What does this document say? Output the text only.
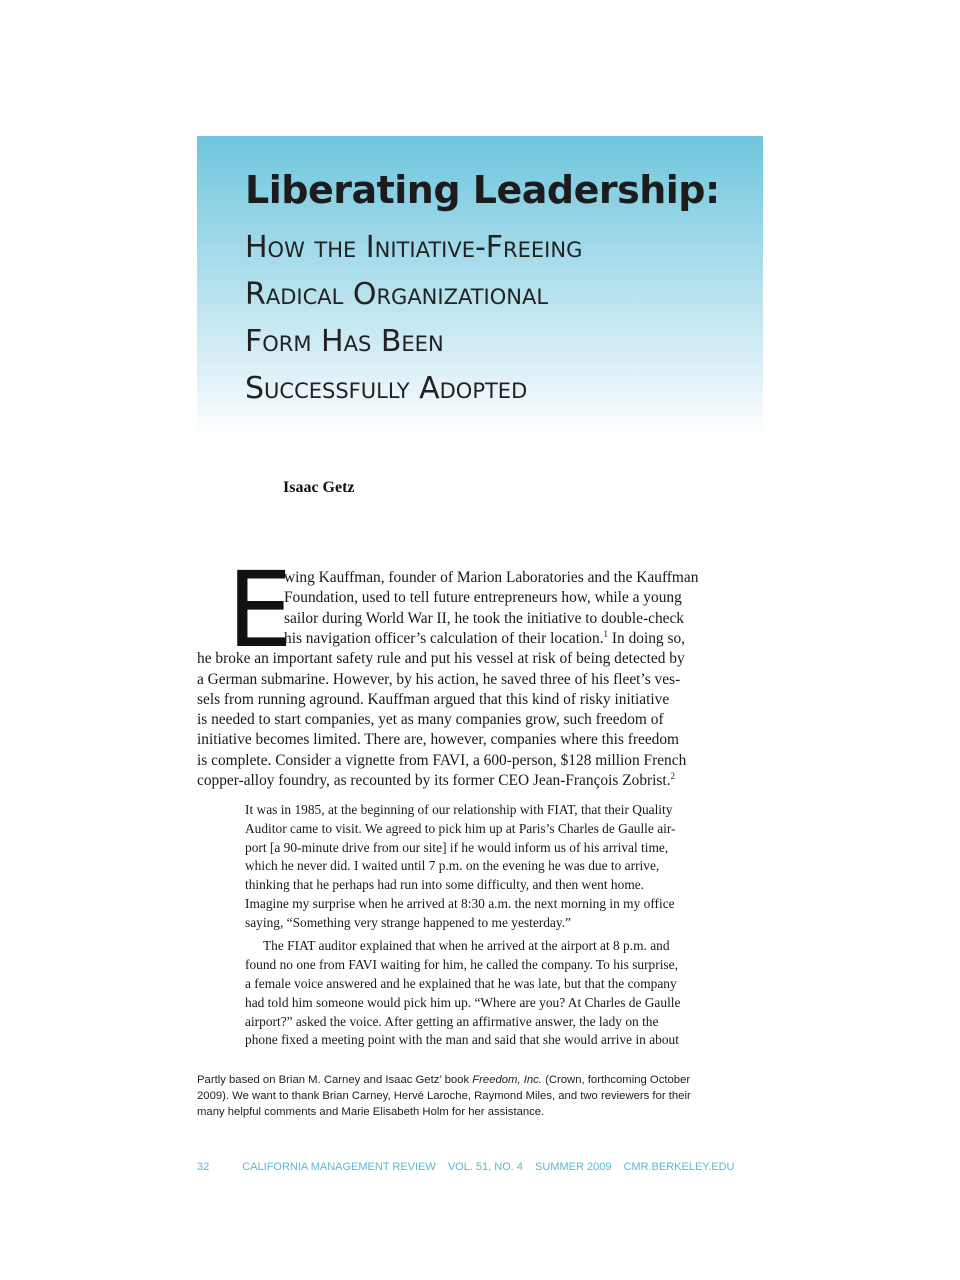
Liberating Leadership:
How the Initiative-Freeing
Radical Organizational
Form Has Been
Successfully Adopted
Isaac Getz
E
wing Kauffman, founder of Marion Laboratories and the Kauffman
Foundation, used to tell future entrepreneurs how, while a young
sailor during World War II, he took the initiative to double-check
his navigation officer’s calculation of their location.$^1$ In doing so,
he broke an important safety rule and put his vessel at risk of being detected by
a German submarine. However, by his action, he saved three of his fleet’s ves-
sels from running aground. Kauffman argued that this kind of risky initiative
is needed to start companies, yet as many companies grow, such freedom of
initiative becomes limited. There are, however, companies where this freedom
is complete. Consider a vignette from FAVI, a 600-person, $128 million French
copper-alloy foundry, as recounted by its former CEO Jean-François Zobrist.$^2$
It was in 1985, at the beginning of our relationship with FIAT, that their Quality
Auditor came to visit. We agreed to pick him up at Paris’s Charles de Gaulle air-
port [a 90-minute drive from our site] if he would inform us of his arrival time,
which he never did. I waited until 7 p.m. on the evening he was due to arrive,
thinking that he perhaps had run into some difficulty, and then went home.
Imagine my surprise when he arrived at 8:30 a.m. the next morning in my office
saying, “Something very strange happened to me yesterday.”
The FIAT auditor explained that when he arrived at the airport at 8 p.m. and
found no one from FAVI waiting for him, he called the company. To his surprise,
a female voice answered and he explained that he was late, but that the company
had told him someone would pick him up. “Where are you? At Charles de Gaulle
airport?” asked the voice. After getting an affirmative answer, the lady on the
phone fixed a meeting point with the man and said that she would arrive in about
Partly based on Brian M. Carney and Isaac Getz’ book Freedom, Inc. (Crown, forthcoming October
2009). We want to thank Brian Carney, Hervé Laroche, Raymond Miles, and two reviewers for their
many helpful comments and Marie Elisabeth Holm for her assistance.
32	CALIFORNIA MANAGEMENT REVIEW VOL. 51, NO. 4 SUMMER 2009 CMR.BERKELEY.EDU
